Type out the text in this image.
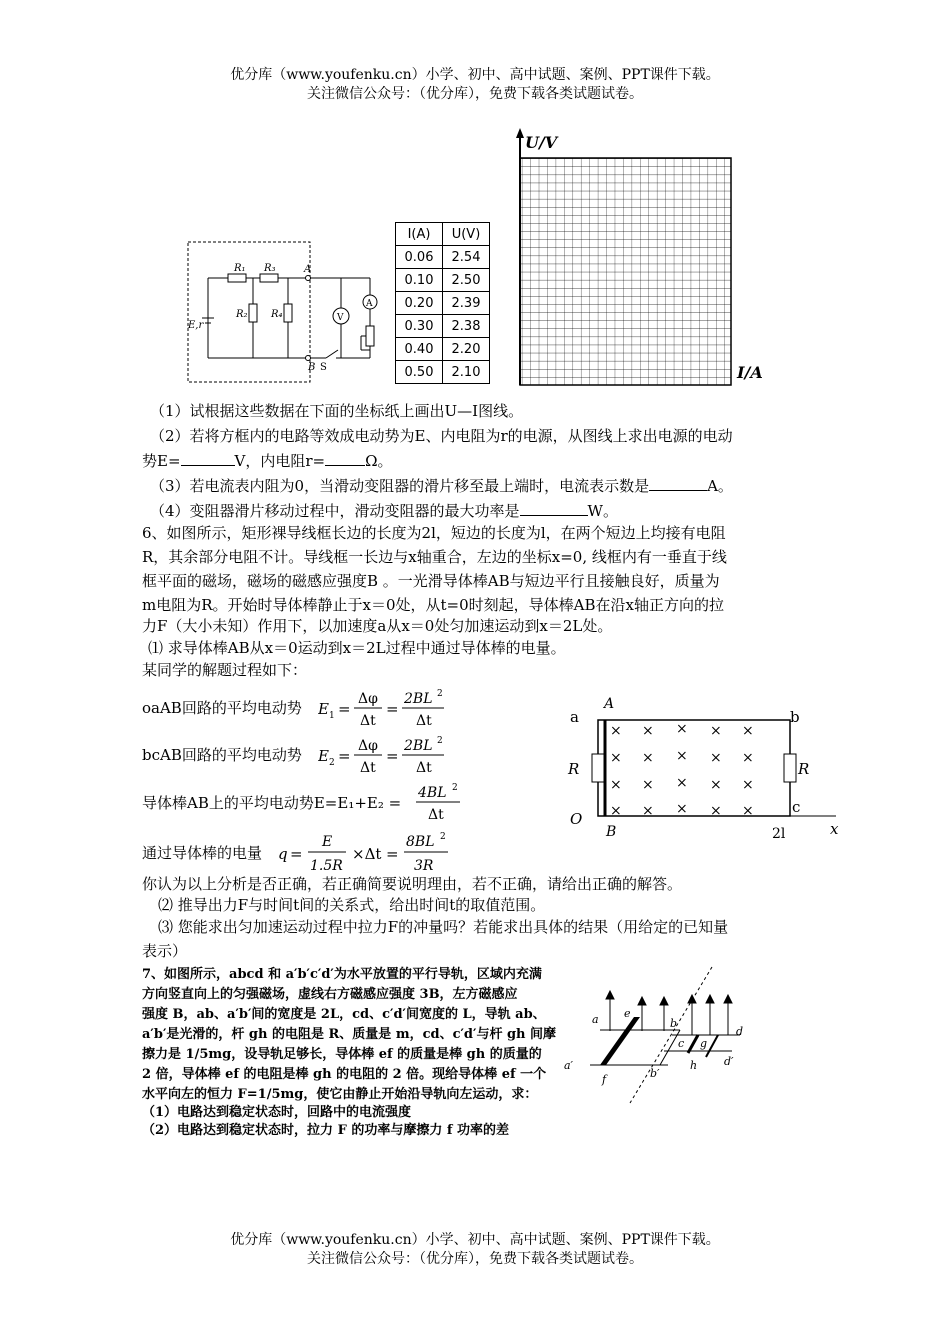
优分库（www.youfenku.cn）小学、初中、高中试题、案例、PPT课件下载。
关注微信公众号：（优分库），免费下载各类试题试卷。
R₁ R₃
R₂ R₄
E,r
A
B S
V
A
I(A)	U(V)
0.06	2.54
0.10	2.50
0.20	2.39
0.30	2.38
0.40	2.20
0.50	2.10
U/V
I/A
（1）试根据这些数据在下面的坐标纸上画出U—I图线。
（2）若将方框内的电路等效成电动势为E、内电阻为r的电源，从图线上求出电源的电动
势E=	V，内电阻r=	Ω。
（3）若电流表内阻为0，当滑动变阻器的滑片移至最上端时，电流表示数是	A。
（4）变阻器滑片移动过程中，滑动变阻器的最大功率是	W。
6、如图所示，矩形裸导线框长边的长度为2l，短边的长度为l，在两个短边上均接有电阻
R，其余部分电阻不计。导线框一长边与x轴重合，左边的坐标x=0, 线框内有一垂直于线
框平面的磁场，磁场的磁感应强度B 。一光滑导体棒AB与短边平行且接触良好，质量为
m电阻为R。开始时导体棒静止于x＝0处，从t=0时刻起，导体棒AB在沿x轴正方向的拉
力F（大小未知）作用下，以加速度a从x＝0处匀加速运动到x＝2L处。
⑴ 求导体棒AB从x＝0运动到x＝2L过程中通过导体棒的电量。
某同学的解题过程如下：
oaAB回路的平均电动势 E 1 =
Δφ
Δt
=
2BL 2
Δt
bcAB回路的平均电动势 E 2 =
Δφ
Δt
=
2BL 2
Δt
导体棒AB上的平均电动势E=E₁+E₂ =
4BL 2
Δt
通过导体棒的电量 q =
E
1.5R
×Δt =
8BL 2
3R
× × × × ×
× × × × ×
× × × × ×
× × × × ×
a
A
b
c
R	R
O
B	2l	x
你认为以上分析是否正确，若正确简要说明理由，若不正确，请给出正确的解答。
⑵ 推导出力F与时间t间的关系式，给出时间t的取值范围。
⑶ 您能求出匀加速运动过程中拉力F的冲量吗？若能求出具体的结果（用给定的已知量
表示）
7、如图所示，abcd 和 a′b′c′d′为水平放置的平行导轨，区域内充满
方向竖直向上的匀强磁场，虚线右方磁感应强度 3B，左方磁感应
强度 B，ab、a′b′间的宽度是 2L，cd、c′d′间宽度的 L，导轨 ab、
a′b′是光滑的，杆 gh 的电阻是 R、质量是 m，cd、c′d′与杆 gh 间摩
擦力是 1/5mg，设导轨足够长，导体棒 ef 的质量是棒 gh 的质量的
2 倍，导体棒 ef 的电阻是棒 gh 的电阻的 2 倍。现给导体棒 ef 一个
水平向左的恒力 F=1/5mg，使它由静止开始沿导轨向左运动，求：
（1）电路达到稳定状态时，回路中的电流强度
（2）电路达到稳定状态时，拉力 F 的功率与摩擦力 f 功率的差
a e
b
c g
d
a′
f	b′
h d′
优分库（www.youfenku.cn）小学、初中、高中试题、案例、PPT课件下载。
关注微信公众号：（优分库），免费下载各类试题试卷。
